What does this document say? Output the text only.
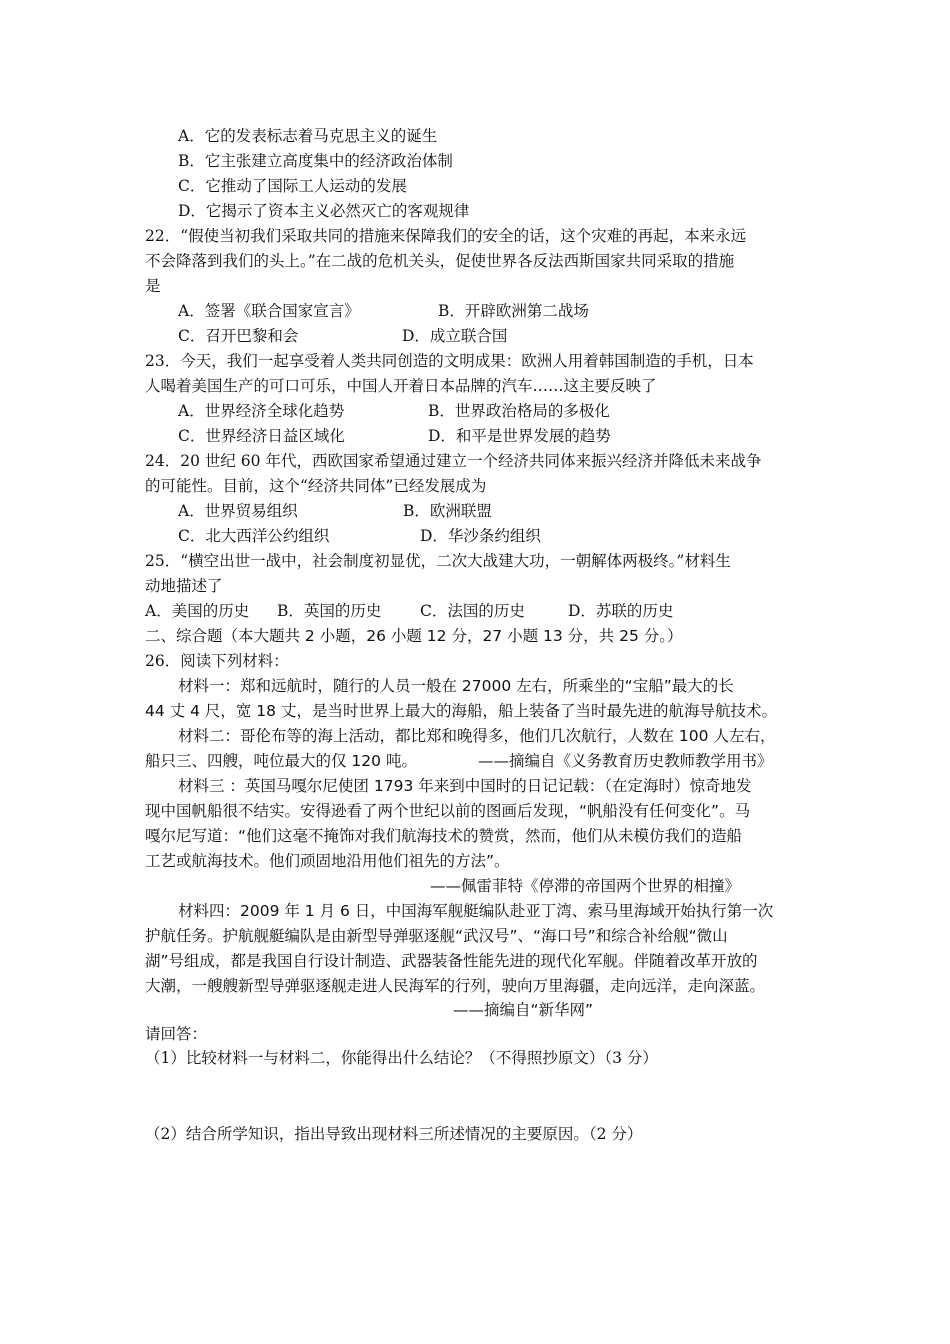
A．它的发表标志着马克思主义的诞生
B．它主张建立高度集中的经济政治体制
C．它推动了国际工人运动的发展
D．它揭示了资本主义必然灭亡的客观规律
22．“假使当初我们采取共同的措施来保障我们的安全的话，这个灾难的再起，本来永远
不会降落到我们的头上。”在二战的危机关头，促使世界各反法西斯国家共同采取的措施
是
A．签署《联合国家宣言》	B．开辟欧洲第二战场
C．召开巴黎和会	D．成立联合国
23．今天，我们一起享受着人类共同创造的文明成果：欧洲人用着韩国制造的手机，日本
人喝着美国生产的可口可乐，中国人开着日本品牌的汽车……这主要反映了
A．世界经济全球化趋势	B．世界政治格局的多极化
C．世界经济日益区域化	D．和平是世界发展的趋势
24．20 世纪 60 年代，西欧国家希望通过建立一个经济共同体来振兴经济并降低未来战争
的可能性。目前，这个“经济共同体”已经发展成为
A．世界贸易组织	B．欧洲联盟
C．北大西洋公约组织	D．华沙条约组织
25．“横空出世一战中，社会制度初显优，二次大战建大功，一朝解体两极终。”材料生
动地描述了
A．美国的历史 B．英国的历史 C．法国的历史	D．苏联的历史
二、综合题（本大题共 2 小题，26 小题 12 分，27 小题 13 分，共 25 分。）
26．阅读下列材料：
材料一：郑和远航时，随行的人员一般在 27000 左右，所乘坐的“宝船”最大的长
44 丈 4 尺，宽 18 丈，是当时世界上最大的海船，船上装备了当时最先进的航海导航技术。
材料二：哥伦布等的海上活动，都比郑和晚得多，他们几次航行，人数在 100 人左右，
船只三、四艘，吨位最大的仅 120 吨。	——摘编自《义务教育历史教师教学用书》
材料三 ：英国马嘎尔尼使团 1793 年来到中国时的日记记载：（在定海时）惊奇地发
现中国帆船很不结实。安得逊看了两个世纪以前的图画后发现，“帆船没有任何变化”。马
嘎尔尼写道：“他们这毫不掩饰对我们航海技术的赞赏，然而，他们从未模仿我们的造船
工艺或航海技术。他们顽固地沿用他们祖先的方法”。
——佩雷菲特《停滞的帝国两个世界的相撞》
材料四：2009 年 1 月 6 日，中国海军舰艇编队赴亚丁湾、索马里海域开始执行第一次
护航任务。护航舰艇编队是由新型导弹驱逐舰“武汉号”、“海口号”和综合补给舰“微山
湖”号组成，都是我国自行设计制造、武器装备性能先进的现代化军舰。伴随着改革开放的
大潮，一艘艘新型导弹驱逐舰走进人民海军的行列，驶向万里海疆，走向远洋，走向深蓝。
——摘编自“新华网”
请回答：
（1）比较材料一与材料二，你能得出什么结论？（不得照抄原文）（3 分）
（2）结合所学知识，指出导致出现材料三所述情况的主要原因。（2 分）
